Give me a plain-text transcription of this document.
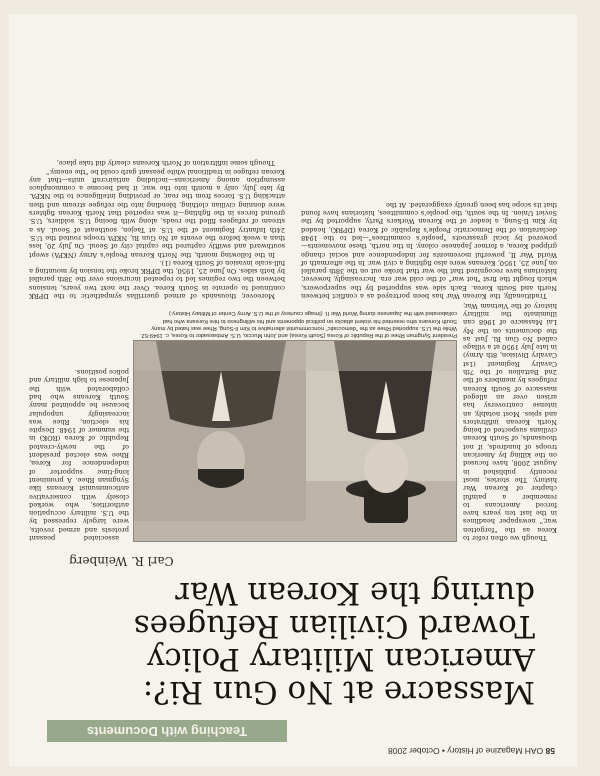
58 OAH Magazine of History • October 2008
Teaching with Documents
Massacre at No Gun Ri?: American Military Policy Toward Civilian Refugees during the Korean War
Carl R. Weinberg

Though we often refer to Korea as the "forgotten war," newspaper headlines in the last ten years have forced Americans to remember a painful chapter of Korean War history. The stories, most recently published in August 2008, have focused on the killing by American troops of hundreds, if not thousands, of South Korean civilians suspected of being North Korean infiltrators and spies. Most notably, an intense controversy has arisen over an alleged massacre of South Korean refugees by members of the 2nd Battalion of the 7th Cavalry Regiment (1st Cavalry Division, 8th Army) in late July 1950 at a village called No Gun Ri. Just as the documents on the My Lai Massacre of 1968 can illuminate the military history of the Vietnam War,

associated peasant protests and armed revolts, were largely repressed by the U.S. military occupation authorities, who worked closely with conservative anticommunist Koreans like Syngman Rhee. A prominent long-time supporter of independence for Korea, Rhee was elected president of the newly-created Republic of Korea (ROK) in the summer of 1948. Despite his election, Rhee was increasingly unpopular because he appointed many South Koreans who had collaborated with the Japanese to high military and police positions.

President Syngman Rhee of the Republic of Korea (South Korea) and John Muccio, U.S. Ambassador to Korea, c. 1949-52. While the U.S. supported Rhee as the "democratic" noncommunist alternative to Kim Il-Sung, Rhee was hated by many South Koreans who resented his violent attacks on political opponents and his willingness to hire Koreans who had collaborated with the Japanese during World War II. (Image courtesy of the U.S. Army Center of Military History.)

Traditionally, the Korean War has been portrayed as a conflict between North and South Korea. Each side was supported by the superpowers, which fought the first "hot war" of the cold war era. Increasingly, however, historians have recognized that the war that broke out on the 38th parallel on June 25, 1950, Koreans were also fighting a civil war. In the aftermath of World War II, powerful movements for independence and social change gripped Korea, a former Japanese colony. In the north, these movements—powered by local grassroots "people's committees"—led to the 1948 declaration of the Democratic People's Republic of Korea (DPRK), headed by Kim Il-Sung, a leader of the Korean Workers Party, supported by the Soviet Union. In the south, the people's committees, historians have found that its scope has been greatly exaggerated. At the

Moreover, thousands of armed guerrillas sympathetic to the DPRK continued to operate in South Korea. Over the next two years, tensions between the two regimes led to repeated incursions over the 38th parallel by both sides. On June 25, 1950, the DPRK broke the tension by mounting a full-scale invasion of South Korea (1).

In the following month, the North Korean People's Army (NKPA) swept southward and swiftly captured the capital city of Seoul. On July 20, less than a week before the events at No Gun Ri, NKPA troops routed the U.S. 24th Infantry Regiment of the U.S. at Taejon, southeast of Seoul. As a stream of refugees filled the roads, along with fleeing U.S. soldiers, U.S. ground forces in the fighting—it was reported that North Korean fighters were donning civilian clothing, blending into the refugee stream and then attacking U.S. forces from the rear, or providing intelligence to the NKPA. By late July, only a month into the war, it had become a commonplace assumption among Americans—including antiaircraft units—that any Korean refugee in traditional white peasant garb could be "the enemy."

Though some infiltration of North Koreans clearly did take place,
